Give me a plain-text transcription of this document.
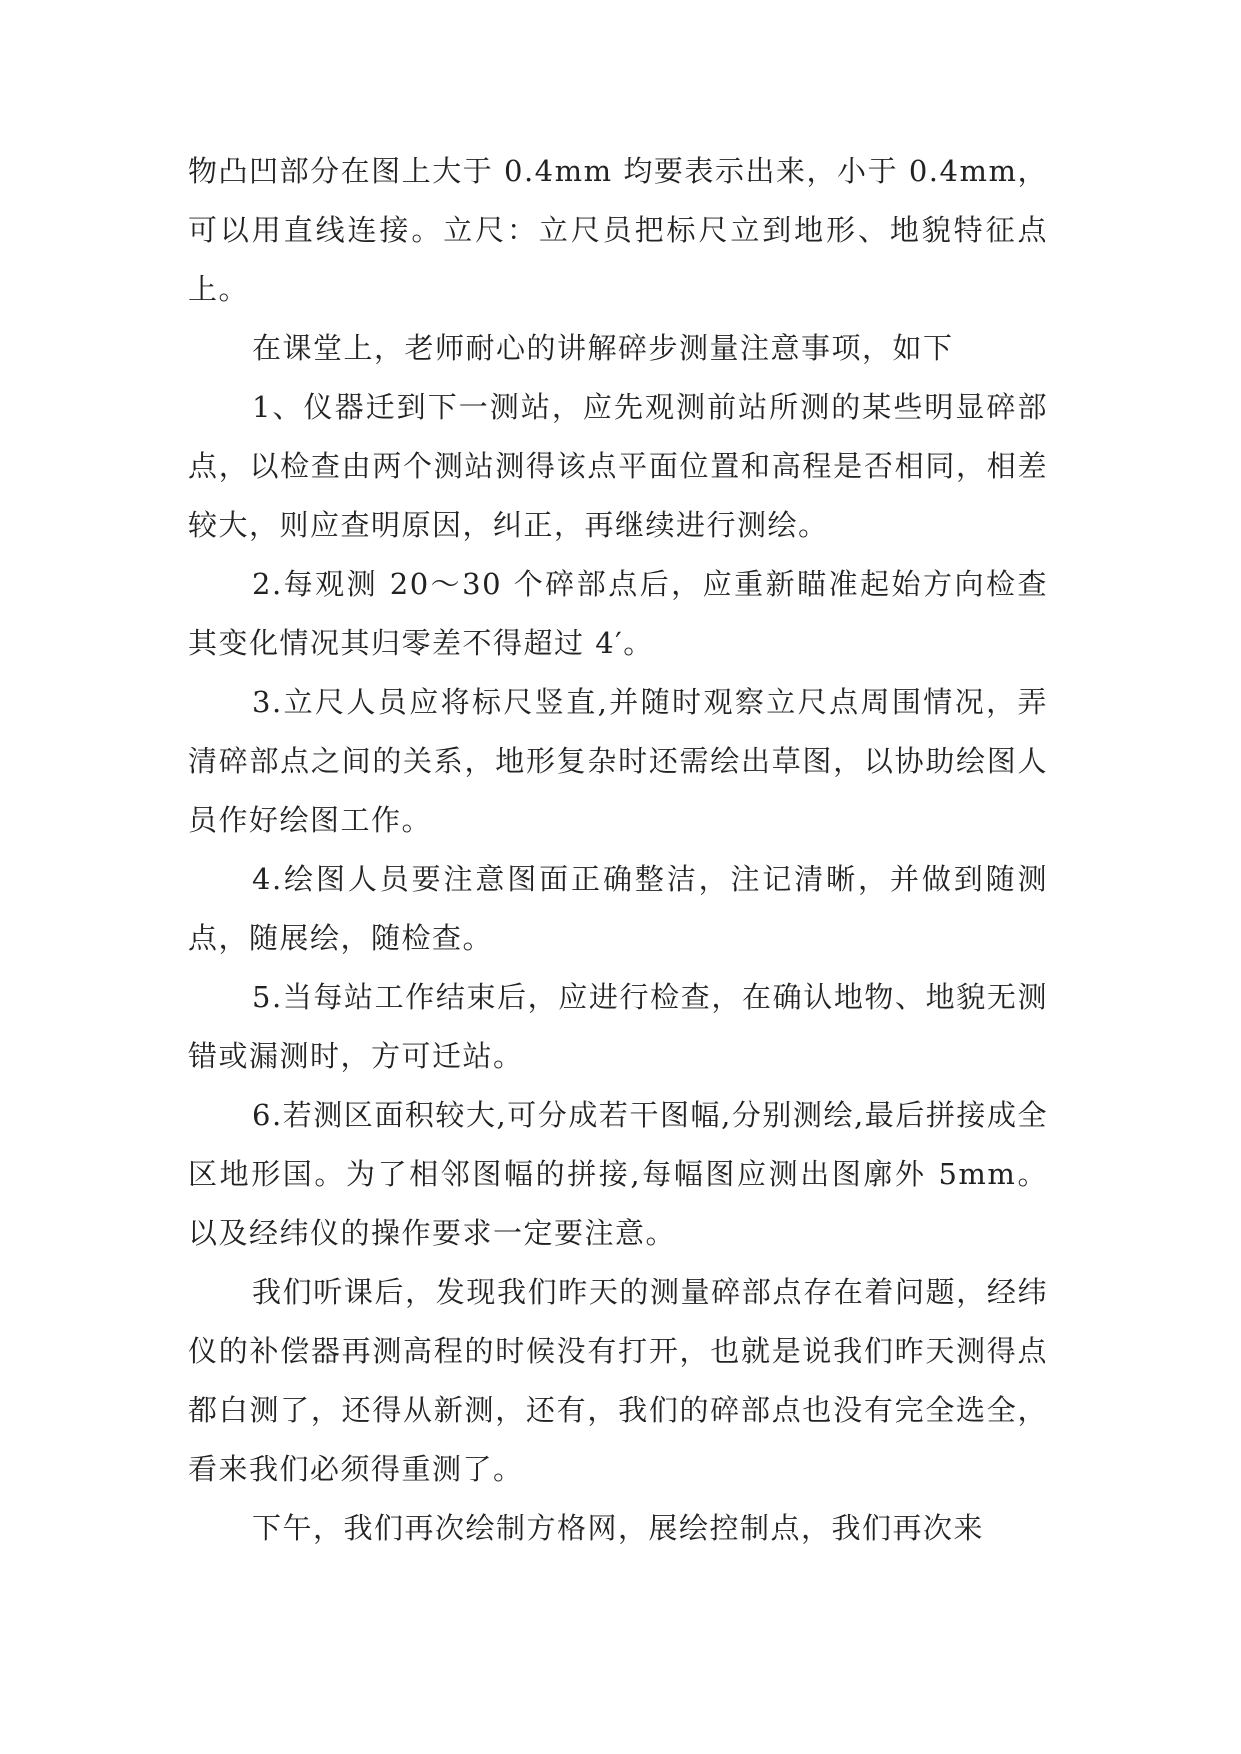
物凸凹部分在图上大于 0.4mm 均要表示出来，小于 0.4mm，可以用直线连接。立尺：立尺员把标尺立到地形、地貌特征点上。

在课堂上，老师耐心的讲解碎步测量注意事项，如下

1、仪器迁到下一测站，应先观测前站所测的某些明显碎部点，以检查由两个测站测得该点平面位置和高程是否相同，相差较大，则应查明原因，纠正，再继续进行测绘。

2.每观测 20～30 个碎部点后，应重新瞄准起始方向检查其变化情况其归零差不得超过 4′。

3.立尺人员应将标尺竖直,并随时观察立尺点周围情况，弄清碎部点之间的关系，地形复杂时还需绘出草图，以协助绘图人员作好绘图工作。

4.绘图人员要注意图面正确整洁，注记清晰，并做到随测点，随展绘，随检查。

5.当每站工作结束后，应进行检查，在确认地物、地貌无测错或漏测时，方可迁站。

6.若测区面积较大,可分成若干图幅,分别测绘,最后拼接成全区地形国。为了相邻图幅的拼接,每幅图应测出图廓外 5mm。以及经纬仪的操作要求一定要注意。

我们听课后，发现我们昨天的测量碎部点存在着问题，经纬仪的补偿器再测高程的时候没有打开，也就是说我们昨天测得点都白测了，还得从新测，还有，我们的碎部点也没有完全选全，看来我们必须得重测了。

下午，我们再次绘制方格网，展绘控制点，我们再次来
